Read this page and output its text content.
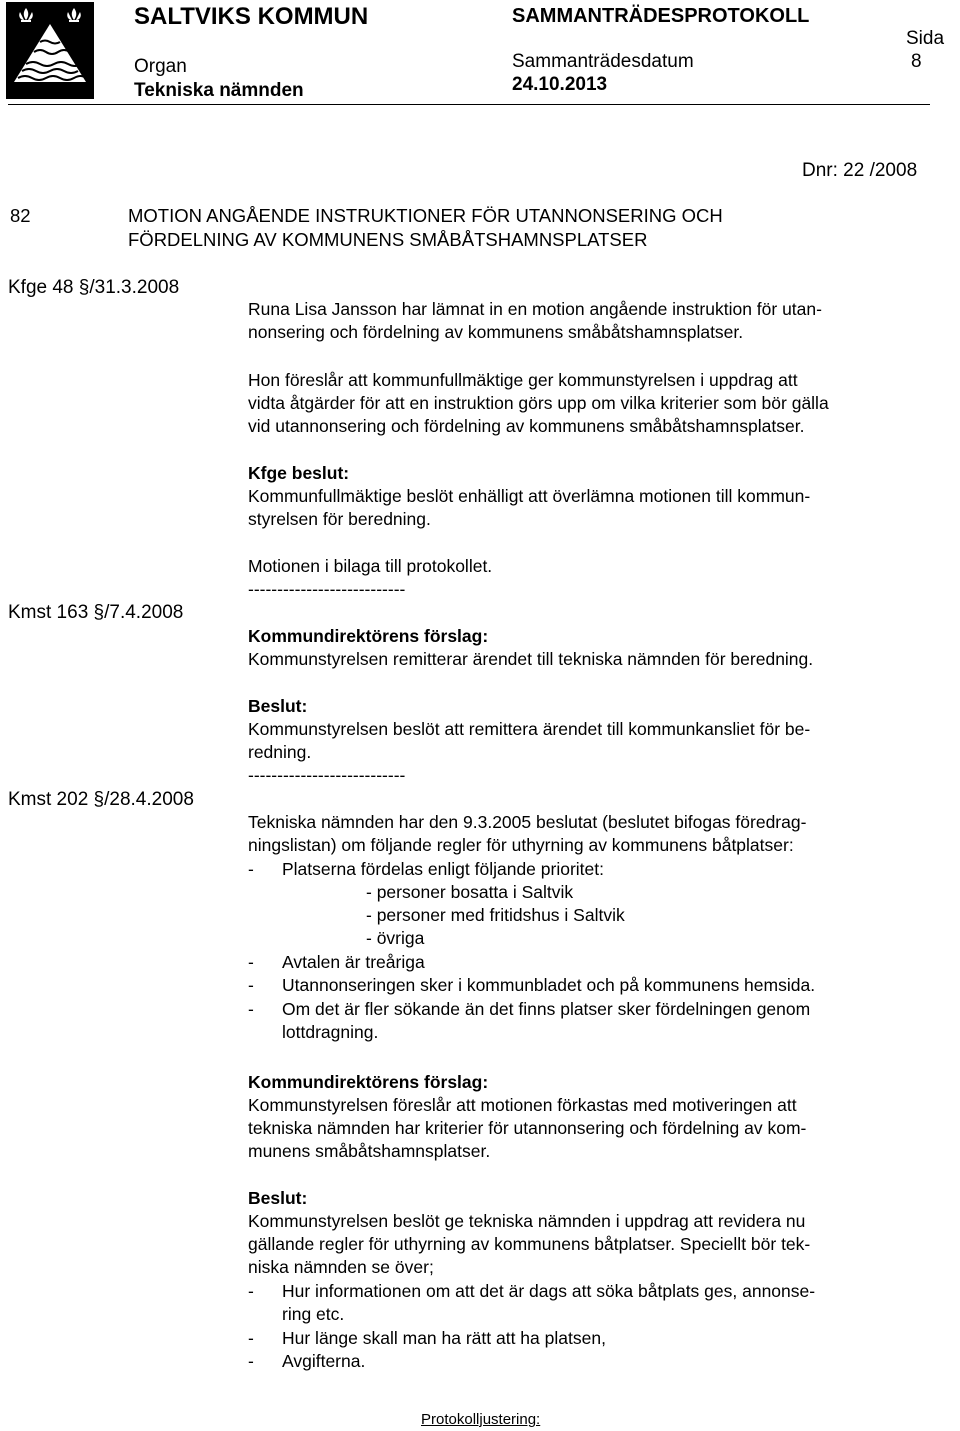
SALTVIKS KOMMUN	SAMMANTRÄDESPROTOKOLL
Sida
Organ	Sammanträdesdatum	8
Tekniska nämnden	24.10.2013
Dnr: 22 /2008
82	MOTION ANGÅENDE INSTRUKTIONER FÖR UTANNONSERING OCH
FÖRDELNING AV KOMMUNENS SMÅBÅTSHAMNSPLATSER
Kfge 48 §/31.3.2008
Kmst 163 §/7.4.2008
Kmst 202 §/28.4.2008
Runa Lisa Jansson har lämnat in en motion angående instruktion för utan-
nonsering och fördelning av kommunens småbåtshamnsplatser.
Hon föreslår att kommunfullmäktige ger kommunstyrelsen i uppdrag att
vidta åtgärder för att en instruktion görs upp om vilka kriterier som bör gälla
vid utannonsering och fördelning av kommunens småbåtshamnsplatser.
Kfge beslut:
Kommunfullmäktige beslöt enhälligt att överlämna motionen till kommun-
styrelsen för beredning.
Motionen i bilaga till protokollet.
---------------------------
Kommundirektörens förslag:
Kommunstyrelsen remitterar ärendet till tekniska nämnden för beredning.
Beslut:
Kommunstyrelsen beslöt att remittera ärendet till kommunkansliet för be-
redning.
---------------------------
Tekniska nämnden har den 9.3.2005 beslutat (beslutet bifogas föredrag-
ningslistan) om följande regler för uthyrning av kommunens båtplatser:
- Platserna fördelas enligt följande prioritet:
- personer bosatta i Saltvik
- personer med fritidshus i Saltvik
- övriga
- Avtalen är treåriga
- Utannonseringen sker i kommunbladet och på kommunens hemsida.
- Om det är fler sökande än det finns platser sker fördelningen genom
lottdragning.
Kommundirektörens förslag:
Kommunstyrelsen föreslår att motionen förkastas med motiveringen att
tekniska nämnden har kriterier för utannonsering och fördelning av kom-
munens småbåtshamnsplatser.
Beslut:
Kommunstyrelsen beslöt ge tekniska nämnden i uppdrag att revidera nu
gällande regler för uthyrning av kommunens båtplatser. Speciellt bör tek-
niska nämnden se över;
- Hur informationen om att det är dags att söka båtplats ges, annonse-
ring etc.
- Hur länge skall man ha rätt att ha platsen,
- Avgifterna.
Protokolljustering:
